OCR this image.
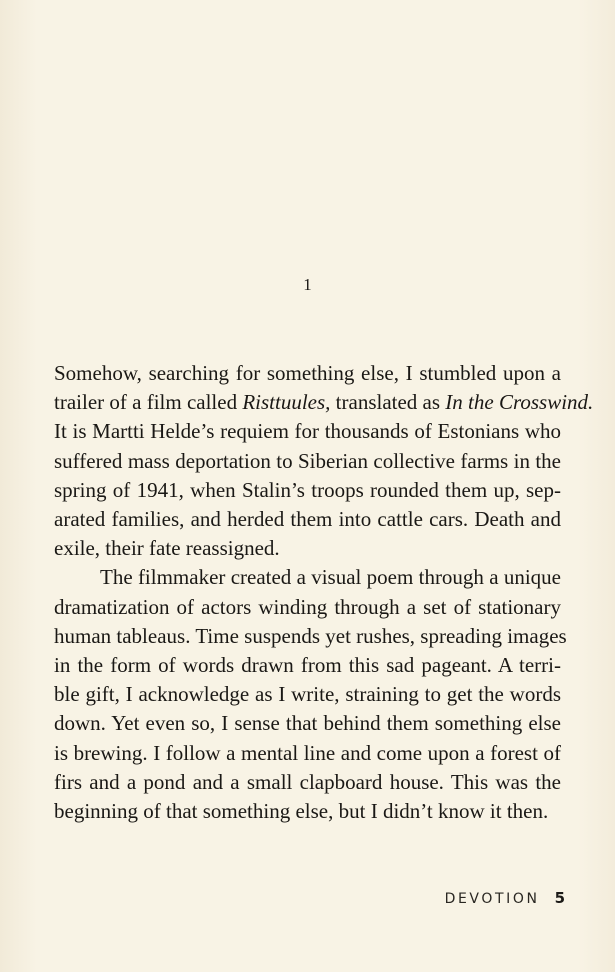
1

Somehow, searching for something else, I stumbled upon a
trailer of a film called Risttuules, translated as In the Crosswind.
It is Martti Helde’s requiem for thousands of Estonians who
suffered mass deportation to Siberian collective farms in the
spring of 1941, when Stalin’s troops rounded them up, sep-
arated families, and herded them into cattle cars. Death and
exile, their fate reassigned.

The filmmaker created a visual poem through a unique
dramatization of actors winding through a set of stationary
human tableaus. Time suspends yet rushes, spreading images
in the form of words drawn from this sad pageant. A terri-
ble gift, I acknowledge as I write, straining to get the words
down. Yet even so, I sense that behind them something else
is brewing. I follow a mental line and come upon a forest of
firs and a pond and a small clapboard house. This was the
beginning of that something else, but I didn’t know it then.

DEVOTION 5
